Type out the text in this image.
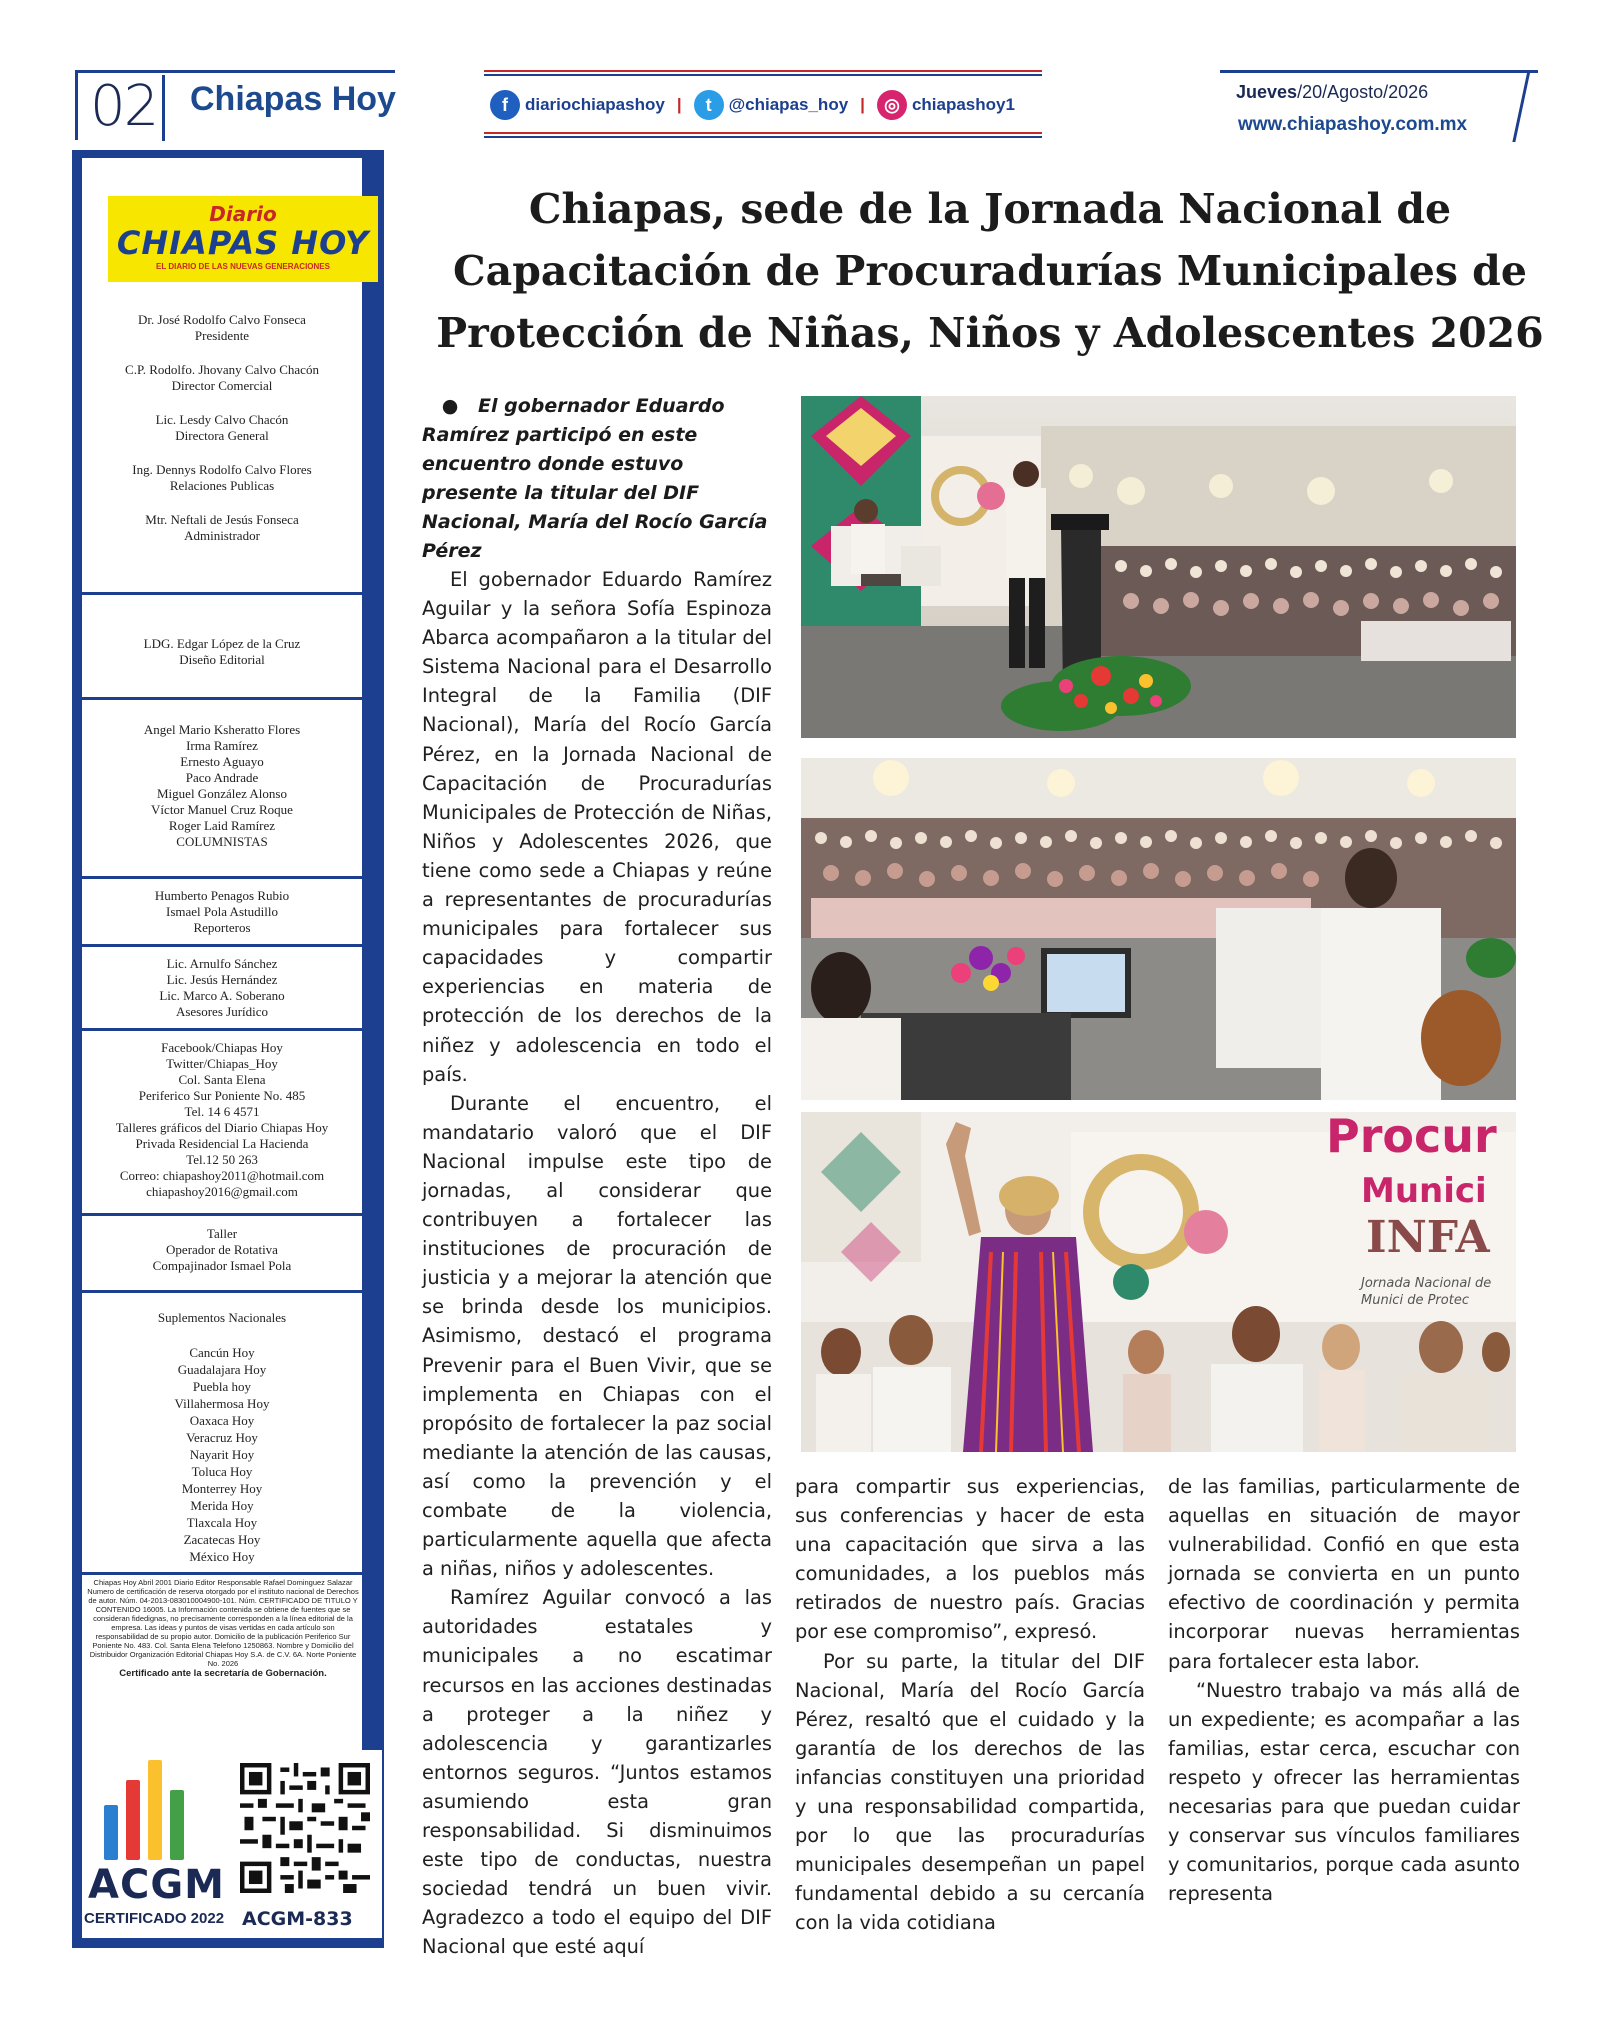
02 Chiapas Hoy	f	diariochiapashoy |	t	@chiapas_hoy |	◎ chiapashoy1
Jueves/20/Agosto/2026
www.chiapashoy.com.mx
Diario
CHIAPAS HOY
EL DIARIO DE LAS NUEVAS GENERACIONES

Dr. José Rodolfo Calvo Fonseca

Presidente

C.P. Rodolfo. Jhovany Calvo Chacón

Director Comercial

Lic. Lesdy Calvo Chacón

Directora General

Ing. Dennys Rodolfo Calvo Flores

Relaciones Publicas

Mtr. Neftali de Jesús Fonseca

Administrador

LDG. Edgar López de la Cruz

Diseño Editorial

Angel Mario Ksheratto Flores

Irma Ramírez

Ernesto Aguayo

Paco Andrade

Miguel González Alonso

Víctor Manuel Cruz Roque

Roger Laid Ramírez

COLUMNISTAS

Humberto Penagos Rubio

Ismael Pola Astudillo

Reporteros

Lic. Arnulfo Sánchez

Lic. Jesús Hernández

Lic. Marco A. Soberano

Asesores Jurídico

Facebook/Chiapas Hoy

Twitter/Chiapas_Hoy

Col. Santa Elena

Periferico Sur Poniente No. 485

Tel. 14 6 4571

Talleres gráficos del Diario Chiapas Hoy

Privada Residencial La Hacienda

Tel.12 50 263

Correo: chiapashoy2011@hotmail.com

chiapashoy2016@gmail.com

Taller

Operador de Rotativa

Compajinador Ismael Pola

Suplementos Nacionales

Cancún Hoy

Guadalajara Hoy

Puebla hoy

Villahermosa Hoy

Oaxaca Hoy

Veracruz Hoy

Nayarit Hoy

Toluca Hoy

Monterrey Hoy

Merida Hoy

Tlaxcala Hoy

Zacatecas Hoy

México Hoy

Chiapas Hoy Abril 2001 Diario Editor Responsable Rafael Dominguez Salazar Numero de certificación de reserva otorgado por el instituto nacional de Derechos de autor. Núm. 04-2013-083010004900-101. Núm. CERTIFICADO DE TITULO Y CONTENIDO 16005. La Información contenida se obtiene de fuentes que se consideran fidedignas, no precisamente corresponden a la línea editorial de la empresa. Las ideas y puntos de visas vertidas en cada artículo son responsabilidad de su propio autor. Domicilio de la publicación Periferico Sur Poniente No. 483. Col. Santa Elena Telefono 1250863. Nombre y Domicilio del Distribuidor Organización Editorial Chiapas Hoy S.A. de C.V. 6A. Norte Poniente No. 2026

Certificado ante la secretaría de Gobernación.

ACGM
CERTIFICADO 2022 ACGM-833
Chiapas, sede de la Jornada Nacional de
Capacitación de Procuradurías Municipales de
Protección de Niñas, Niños y Adolescentes 2026
● El gobernador Eduardo Ramírez participó en este encuentro donde estuvo presente la titular del DIF Nacional, María del Rocío García Pérez

El gobernador Eduardo Ramírez Aguilar y la señora Sofía Espinoza Abarca acompañaron a la titular del Sistema Nacional para el Desarrollo Integral de la Familia (DIF Nacional), María del Rocío García Pérez, en la Jornada Nacional de Capacitación de Procuradurías Municipales de Protección de Niñas, Niños y Adolescentes 2026, que tiene como sede a Chiapas y reúne a representantes de procuradurías municipales para fortalecer sus capacidades y compartir experiencias en materia de protección de los derechos de la niñez y adolescencia en todo el país.

Durante el encuentro, el mandatario valoró que el DIF Nacional impulse este tipo de jornadas, al considerar que contribuyen a fortalecer las instituciones de procuración de justicia y a mejorar la atención que se brinda desde los municipios. Asimismo, destacó el programa Prevenir para el Buen Vivir, que se implementa en Chiapas con el propósito de fortalecer la paz social mediante la atención de las causas, así como la prevención y el combate de la violencia, particularmente aquella que afecta a niñas, niños y adolescentes.

Ramírez Aguilar convocó a las autoridades estatales y municipales a no escatimar recursos en las acciones destinadas a proteger a la niñez y adolescencia y garantizarles entornos seguros. “Juntos estamos asumiendo esta gran responsabilidad. Si disminuimos este tipo de conductas, nuestra sociedad tendrá un buen vivir. Agradezco a todo el equipo del DIF Nacional que esté aquí

para compartir sus experiencias, sus conferencias y hacer de esta una capacitación que sirva a las comunidades, a los pueblos más retirados de nuestro país. Gracias por ese compromiso”, expresó.

Por su parte, la titular del DIF Nacional, María del Rocío García Pérez, resaltó que el cuidado y la garantía de los derechos de las infancias constituyen una prioridad y una responsabilidad compartida, por lo que las procuradurías municipales desempeñan un papel fundamental debido a su cercanía con la vida cotidiana

de las familias, particularmente de aquellas en situación de mayor vulnerabilidad. Confió en que esta jornada se convierta en un punto efectivo de coordinación y permita incorporar nuevas herramientas para fortalecer esta labor.

“Nuestro trabajo va más allá de un expediente; es acompañar a las familias, estar cerca, escuchar con respeto y ofrecer las herramientas necesarias para que puedan cuidar y conservar sus vínculos familiares y comunitarios, porque cada asunto representa

Procur
Munici
INFA
Jornada Nacional de
Munici de Protec
